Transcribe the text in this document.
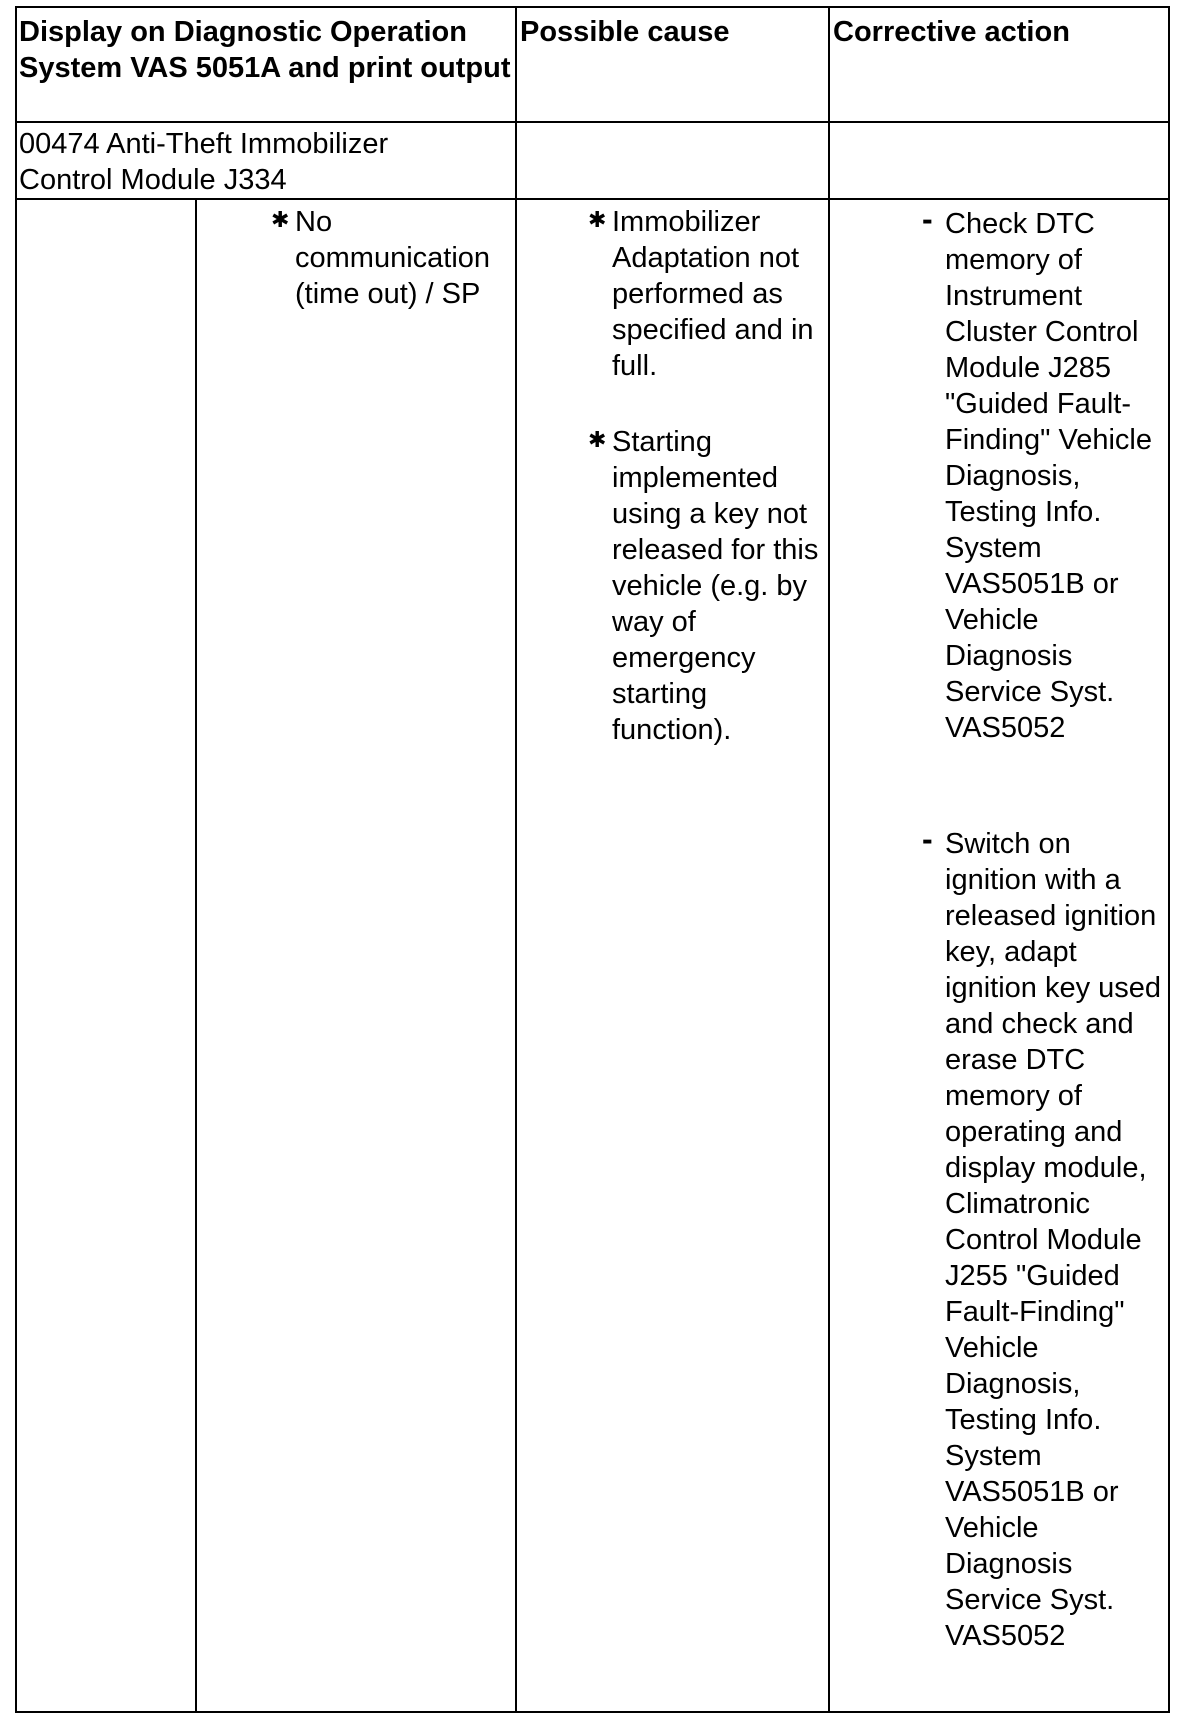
Display on Diagnostic Operation System VAS 5051A and print output
Possible cause	Corrective action
00474 Anti-Theft Immobilizer Control Module J334
✱ No communication (time out) / SP
✱ Immobilizer Adaptation not performed as specified and in full.
✱ Starting implemented using a key not released for this vehicle (e.g. by way of emergency starting function).
- Check DTC memory of Instrument Cluster Control Module J285 "Guided Fault-Finding" Vehicle Diagnosis, Testing Info. System VAS5051B or Vehicle Diagnosis Service Syst. VAS5052
- Switch on ignition with a released ignition key, adapt ignition key used and check and erase DTC memory of operating and display module, Climatronic Control Module J255 "Guided Fault-Finding" Vehicle Diagnosis, Testing Info. System VAS5051B or Vehicle Diagnosis Service Syst. VAS5052
